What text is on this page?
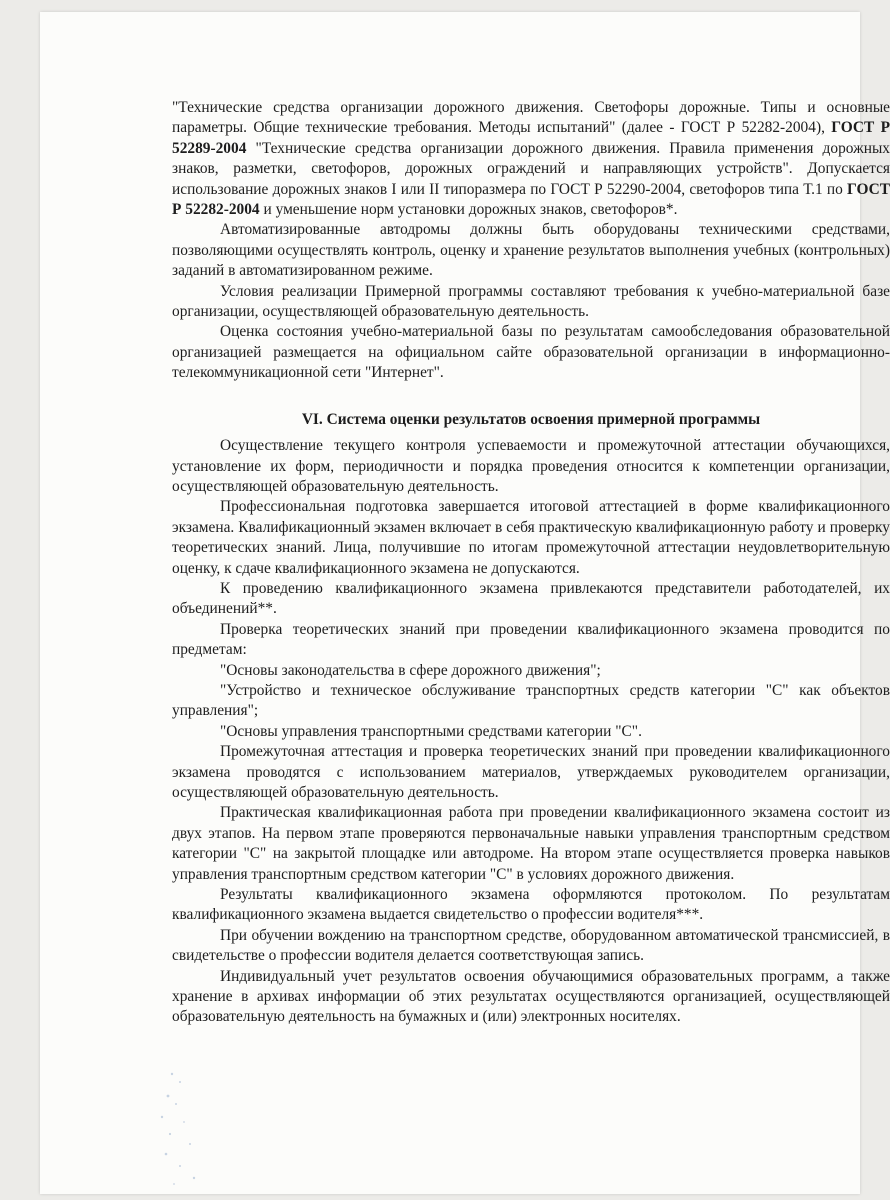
"Технические средства организации дорожного движения. Светофоры дорожные. Типы и основные параметры. Общие технические требования. Методы испытаний" (далее - ГОСТ Р 52282-2004), ГОСТ Р 52289-2004 "Технические средства организации дорожного движения. Правила применения дорожных знаков, разметки, светофоров, дорожных ограждений и направляющих устройств". Допускается использование дорожных знаков I или II типоразмера по ГОСТ Р 52290-2004, светофоров типа Т.1 по ГОСТ Р 52282-2004 и уменьшение норм установки дорожных знаков, светофоров*.

Автоматизированные автодромы должны быть оборудованы техническими средствами, позволяющими осуществлять контроль, оценку и хранение результатов выполнения учебных (контрольных) заданий в автоматизированном режиме.

Условия реализации Примерной программы составляют требования к учебно-материальной базе организации, осуществляющей образовательную деятельность.

Оценка состояния учебно-материальной базы по результатам самообследования образовательной организацией размещается на официальном сайте образовательной организации в информационно-телекоммуникационной сети "Интернет".

VI. Система оценки результатов освоения примерной программы

Осуществление текущего контроля успеваемости и промежуточной аттестации обучающихся, установление их форм, периодичности и порядка проведения относится к компетенции организации, осуществляющей образовательную деятельность.

Профессиональная подготовка завершается итоговой аттестацией в форме квалификационного экзамена. Квалификационный экзамен включает в себя практическую квалификационную работу и проверку теоретических знаний. Лица, получившие по итогам промежуточной аттестации неудовлетворительную оценку, к сдаче квалификационного экзамена не допускаются.

К проведению квалификационного экзамена привлекаются представители работодателей, их объединений**.

Проверка теоретических знаний при проведении квалификационного экзамена проводится по предметам:

"Основы законодательства в сфере дорожного движения";

"Устройство и техническое обслуживание транспортных средств категории "C" как объектов управления";

"Основы управления транспортными средствами категории "C".

Промежуточная аттестация и проверка теоретических знаний при проведении квалификационного экзамена проводятся с использованием материалов, утверждаемых руководителем организации, осуществляющей образовательную деятельность.

Практическая квалификационная работа при проведении квалификационного экзамена состоит из двух этапов. На первом этапе проверяются первоначальные навыки управления транспортным средством категории "C" на закрытой площадке или автодроме. На втором этапе осуществляется проверка навыков управления транспортным средством категории "C" в условиях дорожного движения.

Результаты квалификационного экзамена оформляются протоколом. По результатам квалификационного экзамена выдается свидетельство о профессии водителя***.

При обучении вождению на транспортном средстве, оборудованном автоматической трансмиссией, в свидетельстве о профессии водителя делается соответствующая запись.

Индивидуальный учет результатов освоения обучающимися образовательных программ, а также хранение в архивах информации об этих результатах осуществляются организацией, осуществляющей образовательную деятельность на бумажных и (или) электронных носителях.
